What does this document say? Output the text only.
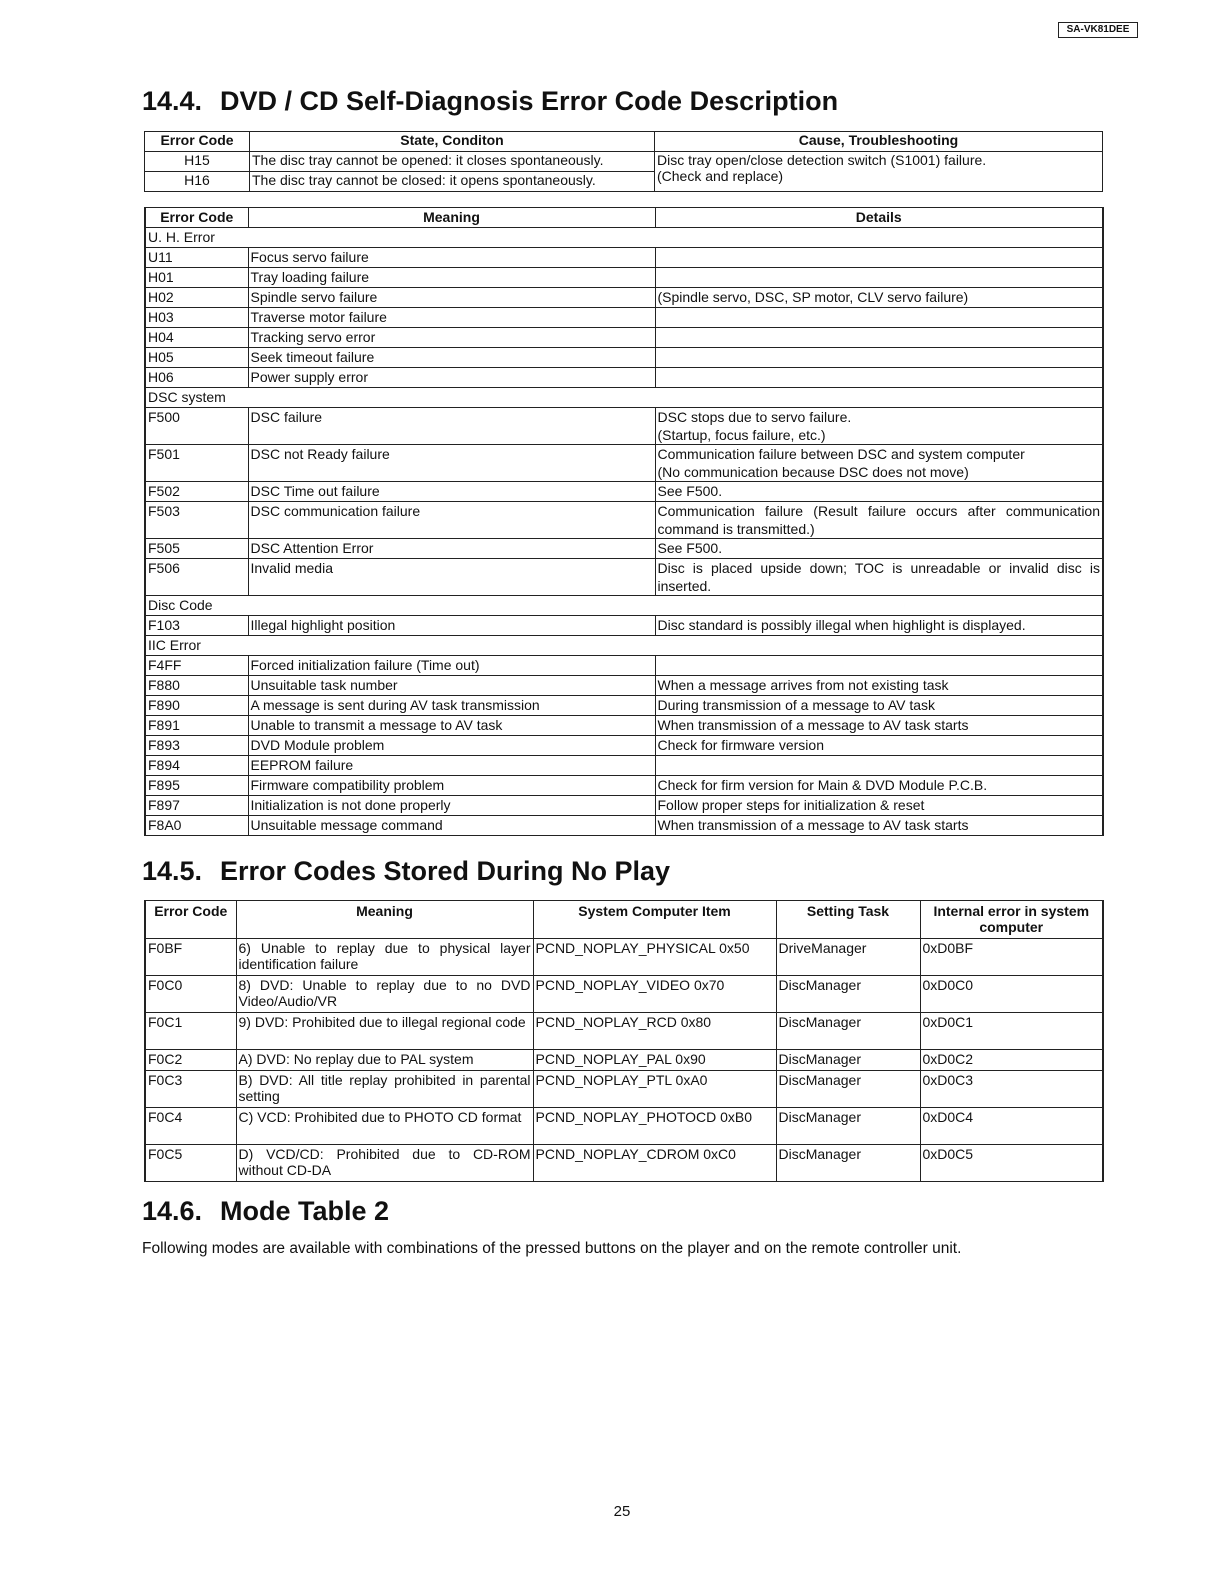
SA-VK81DEE
14.4. DVD / CD Self-Diagnosis Error Code Description
Error Code	State, Conditon	Cause, Troubleshooting
H15	The disc tray cannot be opened: it closes spontaneously.	Disc tray open/close detection switch (S1001) failure.
(Check and replace)
H16	The disc tray cannot be closed: it opens spontaneously.	
Error Code	Meaning	Details
U. H. Error		
U11	Focus servo failure	
H01	Tray loading failure	
H02	Spindle servo failure	(Spindle servo, DSC, SP motor, CLV servo failure)
H03	Traverse motor failure	
H04	Tracking servo error	
H05	Seek timeout failure	
H06	Power supply error	
DSC system		
F500	DSC failure	DSC stops due to servo failure.
(Startup, focus failure, etc.)
F501	DSC not Ready failure	Communication failure between DSC and system computer
(No communication because DSC does not move)
F502	DSC Time out failure	See F500.
F503	DSC communication failure	Communication failure (Result failure occurs after communication command is transmitted.)
F505	DSC Attention Error	See F500.
F506	Invalid media	Disc is placed upside down; TOC is unreadable or invalid disc is inserted.
Disc Code		
F103	Illegal highlight position	Disc standard is possibly illegal when highlight is displayed.
IIC Error		
F4FF	Forced initialization failure (Time out)	
F880	Unsuitable task number	When a message arrives from not existing task
F890	A message is sent during AV task transmission	During transmission of a message to AV task
F891	Unable to transmit a message to AV task	When transmission of a message to AV task starts
F893	DVD Module problem	Check for firmware version
F894	EEPROM failure	
F895	Firmware compatibility problem	Check for firm version for Main & DVD Module P.C.B.
F897	Initialization is not done properly	Follow proper steps for initialization & reset
F8A0	Unsuitable message command	When transmission of a message to AV task starts
14.5. Error Codes Stored During No Play
Error Code	Meaning	System Computer Item	Setting Task	Internal error in system computer
F0BF	6) Unable to replay due to physical layer identification failure	PCND_NOPLAY_PHYSICAL 0x50	DriveManager	0xD0BF
F0C0	8) DVD: Unable to replay due to no DVD Video/Audio/VR	PCND_NOPLAY_VIDEO 0x70	DiscManager	0xD0C0
F0C1	9) DVD: Prohibited due to illegal regional code	PCND_NOPLAY_RCD 0x80	DiscManager	0xD0C1
F0C2	A) DVD: No replay due to PAL system	PCND_NOPLAY_PAL 0x90	DiscManager	0xD0C2
F0C3	B) DVD: All title replay prohibited in parental setting	PCND_NOPLAY_PTL 0xA0	DiscManager	0xD0C3
F0C4	C) VCD: Prohibited due to PHOTO CD format	PCND_NOPLAY_PHOTOCD 0xB0	DiscManager	0xD0C4
F0C5	D) VCD/CD: Prohibited due to CD-ROM without CD-DA	PCND_NOPLAY_CDROM 0xC0	DiscManager	0xD0C5
14.6. Mode Table 2

Following modes are available with combinations of the pressed buttons on the player and on the remote controller unit.

25
